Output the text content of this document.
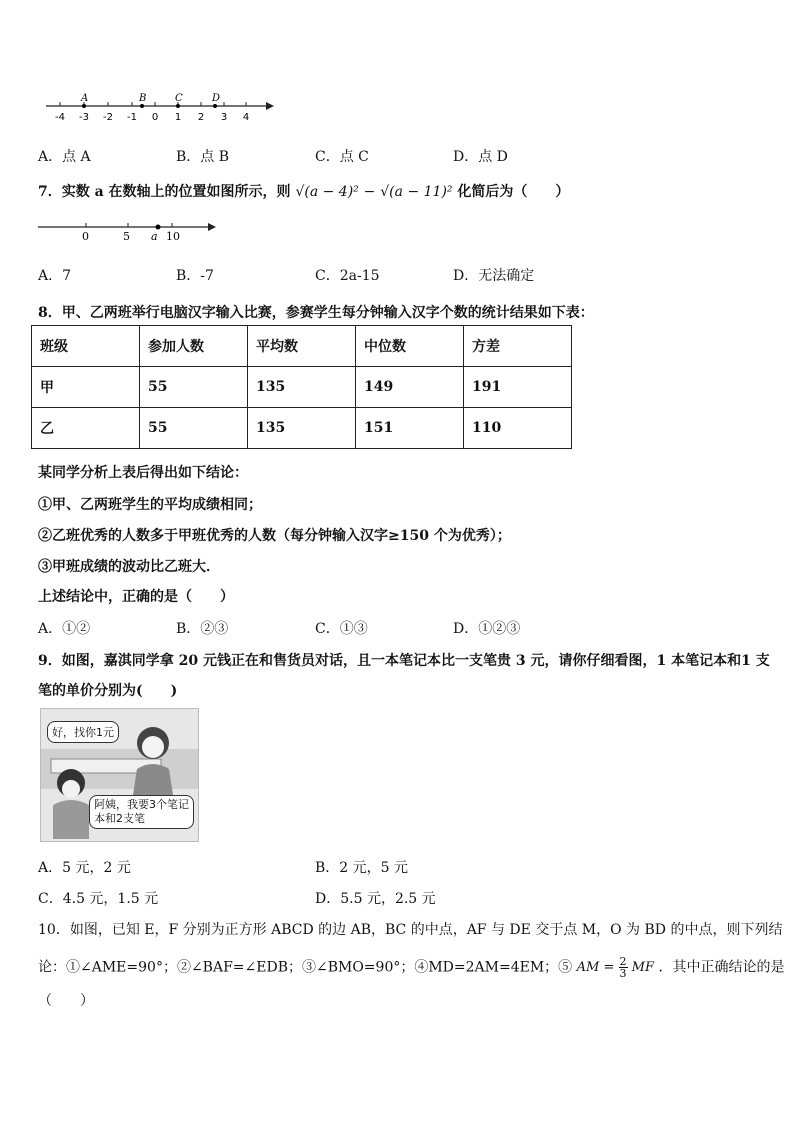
A	B	C	D
-4 -3 -2 -1 0 1 2 3 4
A．点 A	B．点 B	C．点 C	D．点 D
7．实数 a 在数轴上的位置如图所示，则 √(a − 4)² − √(a − 11)² 化简后为（　　）
0	5 a 10
A．7	B．-7	C．2a-15	D．无法确定
8．甲、乙两班举行电脑汉字输入比赛，参赛学生每分钟输入汉字个数的统计结果如下表：
班级	参加人数	平均数	中位数	方差
甲	55	135	149	191
乙	55	135	151	110
某同学分析上表后得出如下结论：
①甲、乙两班学生的平均成绩相同；
②乙班优秀的人数多于甲班优秀的人数（每分钟输入汉字≥150 个为优秀）；
③甲班成绩的波动比乙班大．
上述结论中，正确的是（　　）
A．①②	B．②③	C．①③	D．①②③
9．如图，嘉淇同学拿 20 元钱正在和售货员对话，且一本笔记本比一支笔贵 3 元，请你仔细看图，1 本笔记本和1 支
笔的单价分别为(　　)
好，找你1元
阿姨，我要3个笔记
本和2支笔
A．5 元，2 元	B．2 元，5 元
C．4.5 元，1.5 元	D．5.5 元，2.5 元
10．如图，已知 E，F 分别为正方形 ABCD 的边 AB，BC 的中点，AF 与 DE 交于点 M，O 为 BD 的中点，则下列结
论：①∠AME=90°；②∠BAF=∠EDB；③∠BMO=90°；④MD=2AM=4EM；⑤ AM = $\frac{2}{3}$ MF ．其中正确结论的是
（　　）
